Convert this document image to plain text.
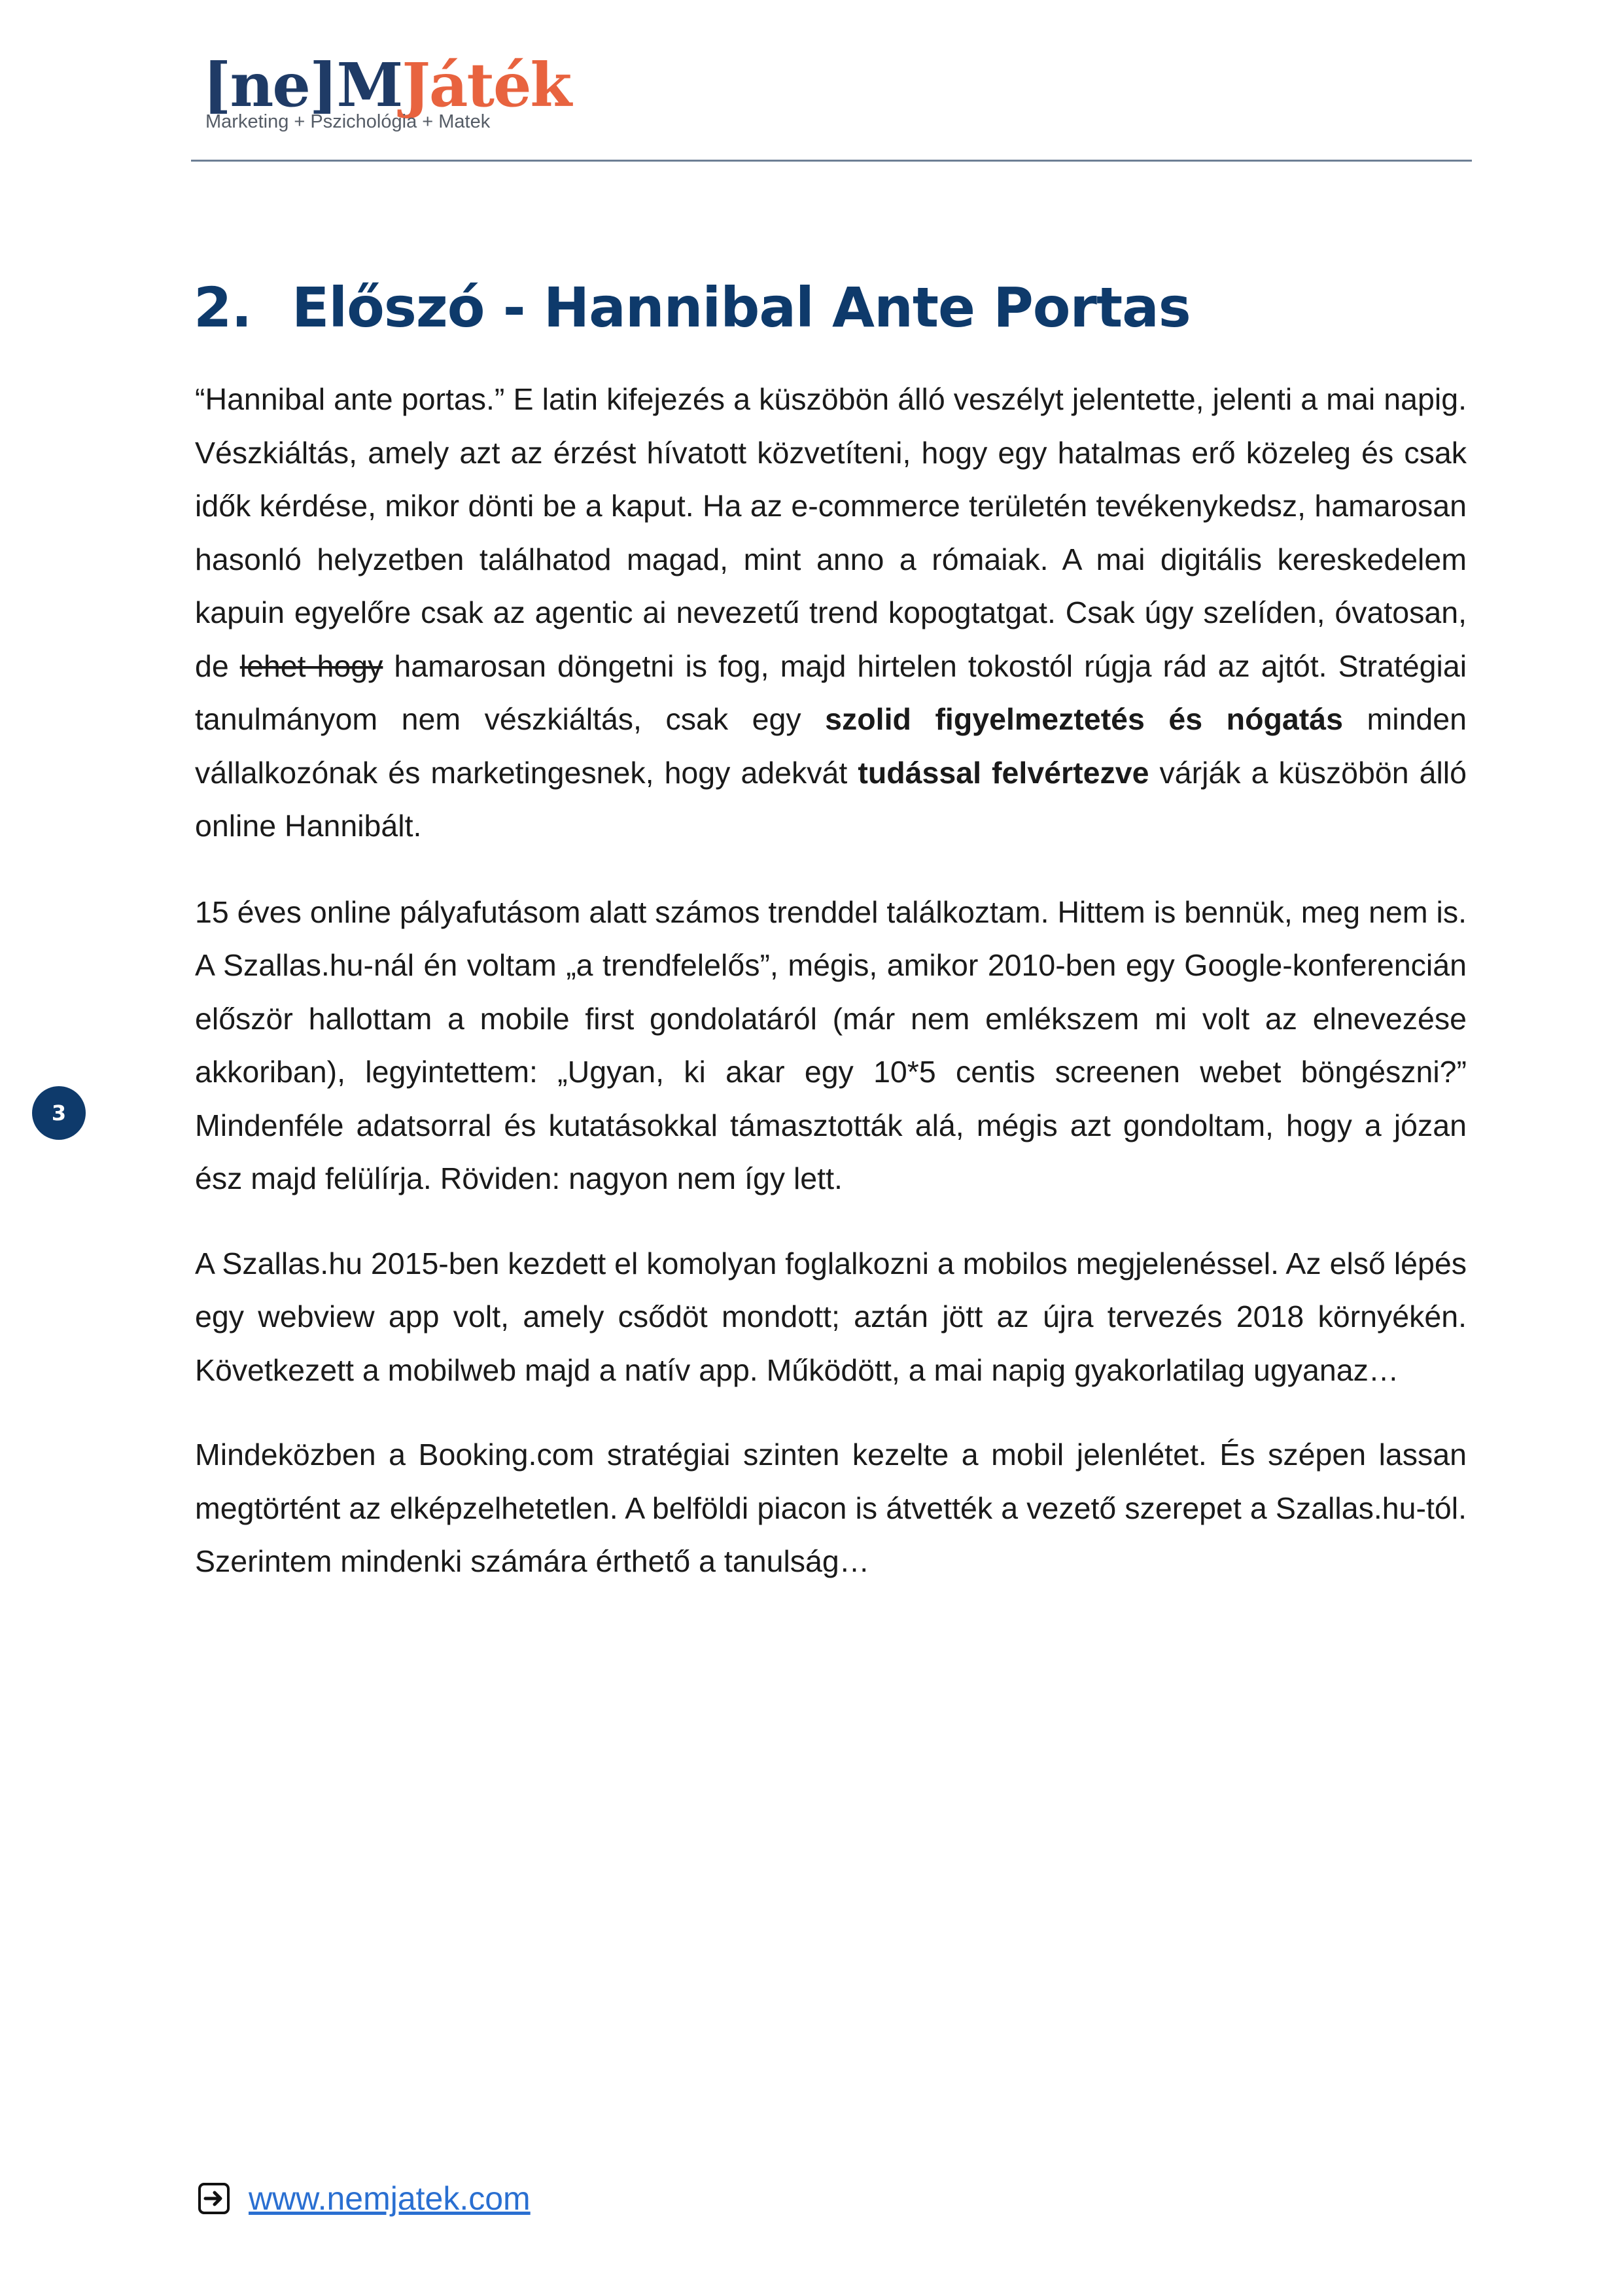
[ne]MJáték
Marketing + Pszichológia + Matek
2. Előszó - Hannibal Ante Portas

“Hannibal ante portas.” E latin kifejezés a küszöbön álló veszélyt jelentette, jelenti a mai napig. Vészkiáltás, amely azt az érzést hívatott közvetíteni, hogy egy hatalmas erő közeleg és csak idők kérdése, mikor dönti be a kaput. Ha az e-commerce területén tevékenykedsz, hamarosan hasonló helyzetben találhatod magad, mint anno a rómaiak. A mai digitális kereskedelem kapuin egyelőre csak az agentic ai nevezetű trend kopogtatgat. Csak úgy szelíden, óvatosan, de lehet hogy hamarosan döngetni is fog, majd hirtelen tokostól rúgja rád az ajtót. Stratégiai tanulmányom nem vészkiáltás, csak egy szolid figyelmeztetés és nógatás minden vállalkozónak és marketingesnek, hogy adekvát tudással felvértezve várják a küszöbön álló online Hannibált.

15 éves online pályafutásom alatt számos trenddel találkoztam. Hittem is bennük, meg nem is. A Szallas.hu-nál én voltam „a trendfelelős”, mégis, amikor 2010-ben egy Google-konferencián először hallottam a mobile first gondolatáról (már nem emlékszem mi volt az elnevezése akkoriban), legyintettem: „Ugyan, ki akar egy 10*5 centis screenen webet böngészni?” Mindenféle adatsorral és kutatásokkal támasztották alá, mégis azt gondoltam, hogy a józan ész majd felülírja. Röviden: nagyon nem így lett.

A Szallas.hu 2015-ben kezdett el komolyan foglalkozni a mobilos megjelenéssel. Az első lépés egy webview app volt, amely csődöt mondott; aztán jött az újra tervezés 2018 környékén. Következett a mobilweb majd a natív app. Működött, a mai napig gyakorlatilag ugyanaz…

Mindeközben a Booking.com stratégiai szinten kezelte a mobil jelenlétet. És szépen lassan megtörtént az elképzelhetetlen. A belföldi piacon is átvették a vezető szerepet a Szallas.hu-tól. Szerintem mindenki számára érthető a tanulság…

3
www.nemjatek.com
